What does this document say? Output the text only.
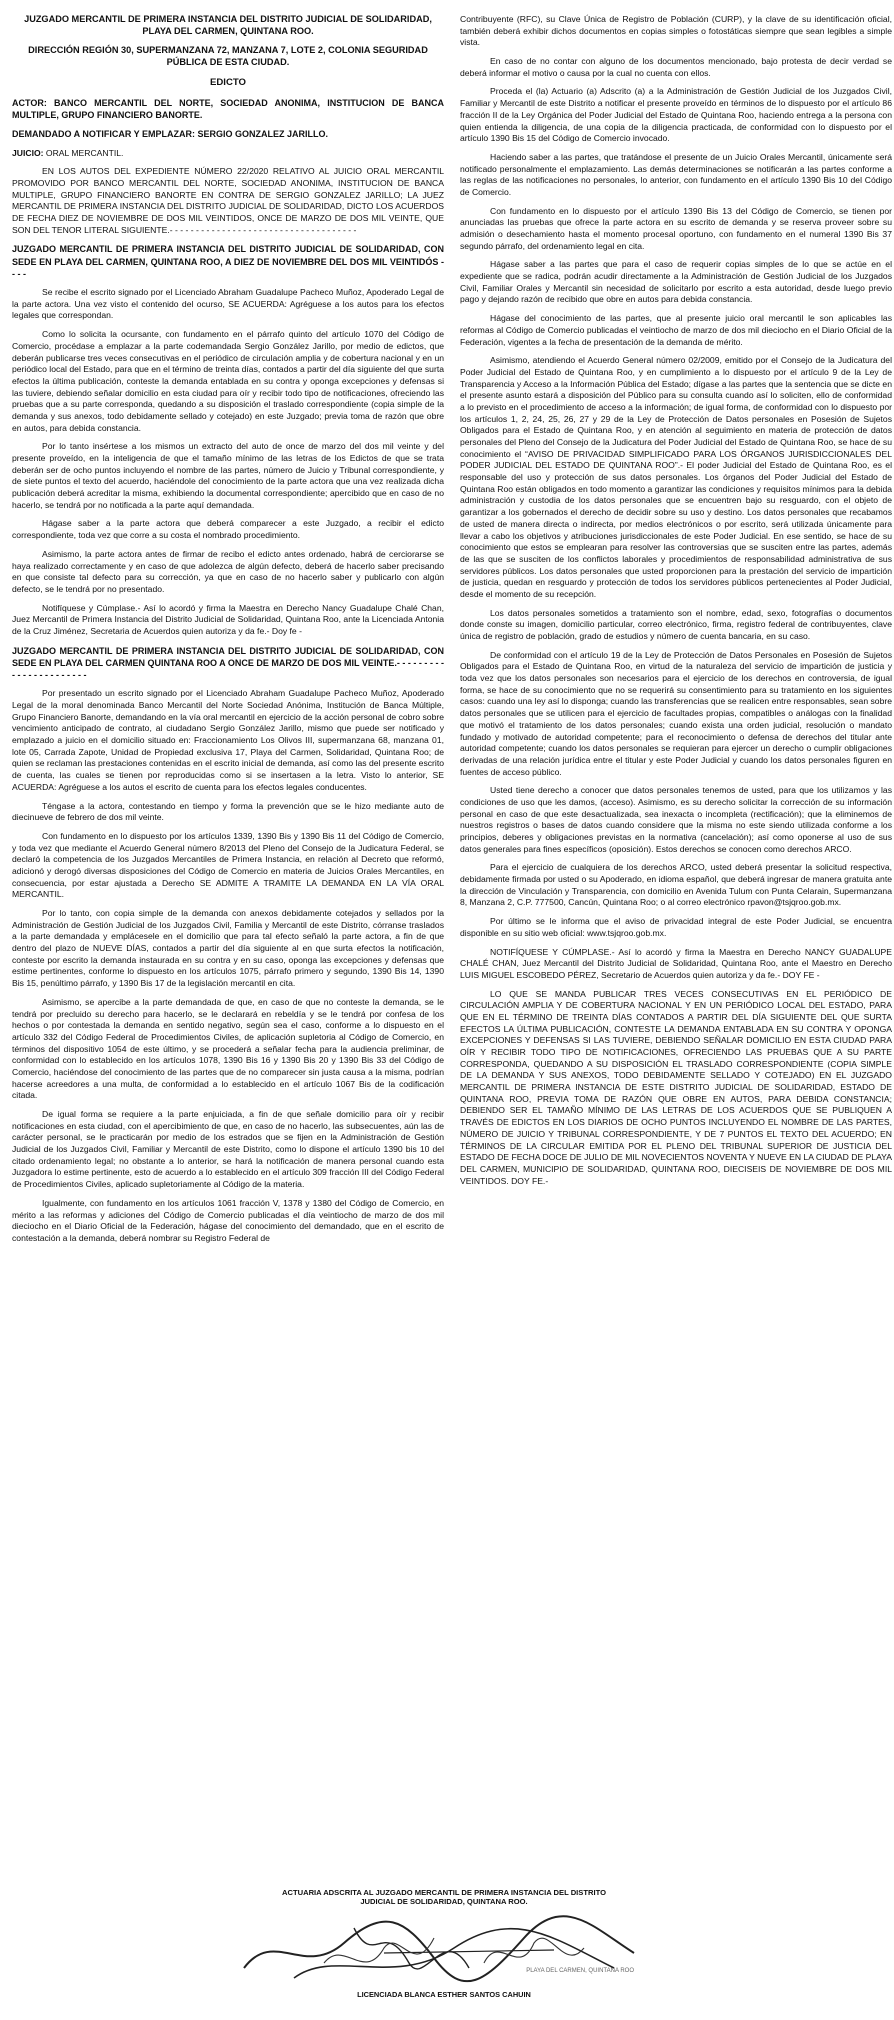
JUZGADO MERCANTIL DE PRIMERA INSTANCIA DEL DISTRITO JUDICIAL DE SOLIDARIDAD, PLAYA DEL CARMEN, QUINTANA ROO.
DIRECCIÓN REGIÓN 30, SUPERMANZANA 72, MANZANA 7, LOTE 2, COLONIA SEGURIDAD PÚBLICA DE ESTA CIUDAD.
EDICTO
ACTOR: BANCO MERCANTIL DEL NORTE, SOCIEDAD ANONIMA, INSTITUCION DE BANCA MULTIPLE, GRUPO FINANCIERO BANORTE.
DEMANDADO A NOTIFICAR Y EMPLAZAR: SERGIO GONZALEZ JARILLO.

JUICIO: ORAL MERCANTIL.

EN LOS AUTOS DEL EXPEDIENTE NÚMERO 22/2020 RELATIVO AL JUICIO ORAL MERCANTIL PROMOVIDO POR BANCO MERCANTIL DEL NORTE, SOCIEDAD ANONIMA, INSTITUCION DE BANCA MULTIPLE, GRUPO FINANCIERO BANORTE EN CONTRA DE SERGIO GONZALEZ JARILLO; LA JUEZ MERCANTIL DE PRIMERA INSTANCIA DEL DISTRITO JUDICIAL DE SOLIDARIDAD, DICTO LOS ACUERDOS DE FECHA DIEZ DE NOVIEMBRE DE DOS MIL VEINTIDOS, ONCE DE MARZO DE DOS MIL VEINTE, QUE SON DEL TENOR LITERAL SIGUIENTE.- - - - - - - - - - - - - - - - - - - - - - - - - - - - - - - - - - - -

JUZGADO MERCANTIL DE PRIMERA INSTANCIA DEL DISTRITO JUDICIAL DE SOLIDARIDAD, CON SEDE EN PLAYA DEL CARMEN, QUINTANA ROO, A DIEZ DE NOVIEMBRE DEL DOS MIL VEINTIDÓS - - - -

Se recibe el escrito signado por el Licenciado Abraham Guadalupe Pacheco Muñoz, Apoderado Legal de la parte actora. Una vez visto el contenido del ocurso, SE ACUERDA: Agréguese a los autos para los efectos legales que correspondan.

Como lo solicita la ocursante, con fundamento en el párrafo quinto del artículo 1070 del Código de Comercio, procédase a emplazar a la parte codemandada Sergio González Jarillo, por medio de edictos, que deberán publicarse tres veces consecutivas en el periódico de circulación amplia y de cobertura nacional y en un periódico local del Estado, para que en el término de treinta días, contados a partir del día siguiente del que surta efectos la última publicación, conteste la demanda entablada en su contra y oponga excepciones y defensas si las tuviere, debiendo señalar domicilio en esta ciudad para oír y recibir todo tipo de notificaciones, ofreciendo las pruebas que a su parte corresponda, quedando a su disposición el traslado correspondiente (copia simple de la demanda y sus anexos, todo debidamente sellado y cotejado) en este Juzgado; previa toma de razón que obre en autos, para debida constancia.

Por lo tanto insértese a los mismos un extracto del auto de once de marzo del dos mil veinte y del presente proveído, en la inteligencia de que el tamaño mínimo de las letras de los Edictos de que se trata deberán ser de ocho puntos incluyendo el nombre de las partes, número de Juicio y Tribunal correspondiente, y de siete puntos el texto del acuerdo, haciéndole del conocimiento de la parte actora que una vez realizada dicha publicación deberá acreditar la misma, exhibiendo la documental correspondiente; apercibido que en caso de no hacerlo, se tendrá por no notificada a la parte aquí demandada.

Hágase saber a la parte actora que deberá comparecer a este Juzgado, a recibir el edicto correspondiente, toda vez que corre a su costa el nombrado procedimiento.

Asimismo, la parte actora antes de firmar de recibo el edicto antes ordenado, habrá de cerciorarse se haya realizado correctamente y en caso de que adolezca de algún defecto, deberá de hacerlo saber precisando en que consiste tal defecto para su corrección, ya que en caso de no hacerlo saber y publicarlo con algún defecto, se le tendrá por no presentado.

Notifíquese y Cúmplase.- Así lo acordó y firma la Maestra en Derecho Nancy Guadalupe Chalé Chan, Juez Mercantil de Primera Instancia del Distrito Judicial de Solidaridad, Quintana Roo, ante la Licenciada Antonia de la Cruz Jiménez, Secretaria de Acuerdos quien autoriza y da fe.- Doy fe -

JUZGADO MERCANTIL DE PRIMERA INSTANCIA DEL DISTRITO JUDICIAL DE SOLIDARIDAD, CON SEDE EN PLAYA DEL CARMEN QUINTANA ROO A ONCE DE MARZO DE DOS MIL VEINTE.- - - - - - - - - - - - - - - - - - - - - - -

Por presentado un escrito signado por el Licenciado Abraham Guadalupe Pacheco Muñoz, Apoderado Legal de la moral denominada Banco Mercantil del Norte Sociedad Anónima, Institución de Banca Múltiple, Grupo Financiero Banorte, demandando en la vía oral mercantil en ejercicio de la acción personal de cobro sobre vencimiento anticipado de contrato, al ciudadano Sergio González Jarillo, mismo que puede ser notificado y emplazado a juicio en el domicilio situado en: Fraccionamiento Los Olivos III, supermanzana 68, manzana 01, lote 05, Carrada Zapote, Unidad de Propiedad exclusiva 17, Playa del Carmen, Solidaridad, Quintana Roo; de quien se reclaman las prestaciones contenidas en el escrito inicial de demanda, así como las del presente escrito de cuenta, las cuales se tienen por reproducidas como si se insertasen a la letra. Visto lo anterior, SE ACUERDA: Agréguese a los autos el escrito de cuenta para los efectos legales conducentes.

Téngase a la actora, contestando en tiempo y forma la prevención que se le hizo mediante auto de diecinueve de febrero de dos mil veinte.

Con fundamento en lo dispuesto por los artículos 1339, 1390 Bis y 1390 Bis 11 del Código de Comercio, y toda vez que mediante el Acuerdo General número 8/2013 del Pleno del Consejo de la Judicatura Federal, se declaró la competencia de los Juzgados Mercantiles de Primera Instancia, en relación al Decreto que reformó, adicionó y derogó diversas disposiciones del Código de Comercio en materia de Juicios Orales Mercantiles, en consecuencia, por estar ajustada a Derecho SE ADMITE A TRAMITE LA DEMANDA EN LA VÍA ORAL MERCANTIL.

Por lo tanto, con copia simple de la demanda con anexos debidamente cotejados y sellados por la Administración de Gestión Judicial de los Juzgados Civil, Familia y Mercantil de este Distrito, córranse traslados a la parte demandada y emplácesele en el domicilio que para tal efecto señaló la parte actora, a fin de que dentro del plazo de NUEVE DÍAS, contados a partir del día siguiente al en que surta efectos la notificación, conteste por escrito la demanda instaurada en su contra y en su caso, oponga las excepciones y defensas que estime pertinentes, conforme lo dispuesto en los artículos 1075, párrafo primero y segundo, 1390 Bis 14, 1390 Bis 15, penúltimo párrafo, y 1390 Bis 17 de la legislación mercantil en cita.

Asimismo, se apercibe a la parte demandada de que, en caso de que no conteste la demanda, se le tendrá por precluido su derecho para hacerlo, se le declarará en rebeldía y se le tendrá por confesa de los hechos o por contestada la demanda en sentido negativo, según sea el caso, conforme a lo dispuesto en el artículo 332 del Código Federal de Procedimientos Civiles, de aplicación supletoria al Código de Comercio, en términos del dispositivo 1054 de este último, y se procederá a señalar fecha para la audiencia preliminar, de conformidad con lo establecido en los artículos 1078, 1390 Bis 16 y 1390 Bis 20 y 1390 Bis 33 del Código de Comercio, haciéndose del conocimiento de las partes que de no comparecer sin justa causa a la misma, podrían hacerse acreedores a una multa, de conformidad a lo establecido en el artículo 1067 Bis de la codificación citada.

De igual forma se requiere a la parte enjuiciada, a fin de que señale domicilio para oír y recibir notificaciones en esta ciudad, con el apercibimiento de que, en caso de no hacerlo, las subsecuentes, aún las de carácter personal, se le practicarán por medio de los estrados que se fijen en la Administración de Gestión Judicial de los Juzgados Civil, Familiar y Mercantil de este Distrito, como lo dispone el artículo 1390 bis 10 del citado ordenamiento legal; no obstante a lo anterior, se hará la notificación de manera personal cuando esta Juzgadora lo estime pertinente, esto de acuerdo a lo establecido en el artículo 309 fracción III del Código Federal de Procedimientos Civiles, aplicado supletoriamente al Código de la materia.

Igualmente, con fundamento en los artículos 1061 fracción V, 1378 y 1380 del Código de Comercio, en mérito a las reformas y adiciones del Código de Comercio publicadas el día veintiocho de marzo de dos mil dieciocho en el Diario Oficial de la Federación, hágase del conocimiento del demandado, que en el escrito de contestación a la demanda, deberá nombrar su Registro Federal de

Contribuyente (RFC), su Clave Única de Registro de Población (CURP), y la clave de su identificación oficial, también deberá exhibir dichos documentos en copias simples o fotostáticas siempre que sean legibles a simple vista.

En caso de no contar con alguno de los documentos mencionado, bajo protesta de decir verdad se deberá informar el motivo o causa por la cual no cuenta con ellos.

Proceda el (la) Actuario (a) Adscrito (a) a la Administración de Gestión Judicial de los Juzgados Civil, Familiar y Mercantil de este Distrito a notificar el presente proveído en términos de lo dispuesto por el artículo 86 fracción II de la Ley Orgánica del Poder Judicial del Estado de Quintana Roo, haciendo entrega a la persona con quien entienda la diligencia, de una copia de la diligencia practicada, de conformidad con lo dispuesto por el artículo 1390 Bis 15 del Código de Comercio invocado.

Haciendo saber a las partes, que tratándose el presente de un Juicio Orales Mercantil, únicamente será notificado personalmente el emplazamiento. Las demás determinaciones se notificarán a las partes conforme a las reglas de las notificaciones no personales, lo anterior, con fundamento en el artículo 1390 Bis 10 del Código de Comercio.

Con fundamento en lo dispuesto por el artículo 1390 Bis 13 del Código de Comercio, se tienen por anunciadas las pruebas que ofrece la parte actora en su escrito de demanda y se reserva proveer sobre su admisión o desechamiento hasta el momento procesal oportuno, con fundamento en el numeral 1390 Bis 37 segundo párrafo, del ordenamiento legal en cita.

Hágase saber a las partes que para el caso de requerir copias simples de lo que se actúe en el expediente que se radica, podrán acudir directamente a la Administración de Gestión Judicial de los Juzgados Civil, Familiar Orales y Mercantil sin necesidad de solicitarlo por escrito a esta autoridad, desde luego previo pago y dejando razón de recibido que obre en autos para debida constancia.

Hágase del conocimiento de las partes, que al presente juicio oral mercantil le son aplicables las reformas al Código de Comercio publicadas el veintiocho de marzo de dos mil dieciocho en el Diario Oficial de la Federación, vigentes a la fecha de presentación de la demanda de mérito.

Asimismo, atendiendo el Acuerdo General número 02/2009, emitido por el Consejo de la Judicatura del Poder Judicial del Estado de Quintana Roo, y en cumplimiento a lo dispuesto por el artículo 9 de la Ley de Transparencia y Acceso a la Información Pública del Estado; dígase a las partes que la sentencia que se dicte en el presente asunto estará a disposición del Público para su consulta cuando así lo soliciten, ello de conformidad a lo previsto en el procedimiento de acceso a la información; de igual forma, de conformidad con lo dispuesto por los artículos 1, 2, 24, 25, 26, 27 y 29 de la Ley de Protección de Datos personales en Posesión de Sujetos Obligados para el Estado de Quintana Roo, y en atención al seguimiento en materia de protección de datos personales del Pleno del Consejo de la Judicatura del Poder Judicial del Estado de Quintana Roo, se hace de su conocimiento el “AVISO DE PRIVACIDAD SIMPLIFICADO PARA LOS ÓRGANOS JURISDICCIONALES DEL PODER JUDICIAL DEL ESTADO DE QUINTANA ROO”.- El poder Judicial del Estado de Quintana Roo, es el responsable del uso y protección de sus datos personales. Los órganos del Poder Judicial del Estado de Quintana Roo están obligados en todo momento a garantizar las condiciones y requisitos mínimos para la debida administración y custodia de los datos personales que se encuentren bajo su resguardo, con el objeto de garantizar a los gobernados el derecho de decidir sobre su uso y destino. Los datos personales que recabamos de usted de manera directa o indirecta, por medios electrónicos o por escrito, será utilizada únicamente para llevar a cabo los objetivos y atribuciones jurisdiccionales de este Poder Judicial. En ese sentido, se hace de su conocimiento que estos se emplearan para resolver las controversias que se susciten entre las partes, además de las que se susciten de los conflictos laborales y procedimientos de responsabilidad administrativa de sus servidores públicos. Los datos personales que usted proporcionen para la prestación del servicio de impartición de justicia, quedan en resguardo y protección de todos los servidores públicos pertenecientes al Poder Judicial, desde el momento de su recepción.

Los datos personales sometidos a tratamiento son el nombre, edad, sexo, fotografías o documentos donde conste su imagen, domicilio particular, correo electrónico, firma, registro federal de contribuyentes, clave única de registro de población, grado de estudios y número de cuenta bancaria, en su caso.

De conformidad con el artículo 19 de la Ley de Protección de Datos Personales en Posesión de Sujetos Obligados para el Estado de Quintana Roo, en virtud de la naturaleza del servicio de impartición de justicia y toda vez que los datos personales son necesarios para el ejercicio de los derechos en controversia, de igual forma, se hace de su conocimiento que no se requerirá su consentimiento para su tratamiento en los siguientes casos: cuando una ley así lo disponga; cuando las transferencias que se realicen entre responsables, sean sobre datos personales que se utilicen para el ejercicio de facultades propias, compatibles o análogas con la finalidad que motivó el tratamiento de los datos personales; cuando exista una orden judicial, resolución o mandato fundado y motivado de autoridad competente; para el reconocimiento o defensa de derechos del titular ante autoridad competente; cuando los datos personales se requieran para ejercer un derecho o cumplir obligaciones derivadas de una relación jurídica entre el titular y este Poder Judicial y cuando los datos personales figuren en fuentes de acceso público.

Usted tiene derecho a conocer que datos personales tenemos de usted, para que los utilizamos y las condiciones de uso que les damos, (acceso). Asimismo, es su derecho solicitar la corrección de su información personal en caso de que este desactualizada, sea inexacta o incompleta (rectificación); que la eliminemos de nuestros registros o bases de datos cuando considere que la misma no este siendo utilizada conforme a los principios, deberes y obligaciones previstas en la normativa (cancelación); así como oponerse al uso de sus datos generales para fines específicos (oposición). Estos derechos se conocen como derechos ARCO.

Para el ejercicio de cualquiera de los derechos ARCO, usted deberá presentar la solicitud respectiva, debidamente firmada por usted o su Apoderado, en idioma español, que deberá ingresar de manera gratuita ante la dirección de Vinculación y Transparencia, con domicilio en Avenida Tulum con Punta Celarain, Supermanzana 8, Manzana 2, C.P. 777500, Cancún, Quintana Roo; o al correo electrónico rpavon@tsjqroo.gob.mx.

Por último se le informa que el aviso de privacidad integral de este Poder Judicial, se encuentra disponible en su sitio web oficial: www.tsjqroo.gob.mx.

NOTIFÍQUESE Y CÚMPLASE.- Así lo acordó y firma la Maestra en Derecho NANCY GUADALUPE CHALÉ CHAN, Juez Mercantil del Distrito Judicial de Solidaridad, Quintana Roo, ante el Maestro en Derecho LUIS MIGUEL ESCOBEDO PÉREZ, Secretario de Acuerdos quien autoriza y da fe.- DOY FE -

LO QUE SE MANDA PUBLICAR TRES VECES CONSECUTIVAS EN EL PERIÓDICO DE CIRCULACIÓN AMPLIA Y DE COBERTURA NACIONAL Y EN UN PERIÓDICO LOCAL DEL ESTADO, PARA QUE EN EL TÉRMINO DE TREINTA DÍAS CONTADOS A PARTIR DEL DÍA SIGUIENTE DEL QUE SURTA EFECTOS LA ÚLTIMA PUBLICACIÓN, CONTESTE LA DEMANDA ENTABLADA EN SU CONTRA Y OPONGA EXCEPCIONES Y DEFENSAS SI LAS TUVIERE, DEBIENDO SEÑALAR DOMICILIO EN ESTA CIUDAD PARA OÍR Y RECIBIR TODO TIPO DE NOTIFICACIONES, OFRECIENDO LAS PRUEBAS QUE A SU PARTE CORRESPONDA, QUEDANDO A SU DISPOSICIÓN EL TRASLADO CORRESPONDIENTE (COPIA SIMPLE DE LA DEMANDA Y SUS ANEXOS, TODO DEBIDAMENTE SELLADO Y COTEJADO) EN EL JUZGADO MERCANTIL DE PRIMERA INSTANCIA DE ESTE DISTRITO JUDICIAL DE SOLIDARIDAD, ESTADO DE QUINTANA ROO, PREVIA TOMA DE RAZÓN QUE OBRE EN AUTOS, PARA DEBIDA CONSTANCIA; DEBIENDO SER EL TAMAÑO MÍNIMO DE LAS LETRAS DE LOS ACUERDOS QUE SE PUBLIQUEN A TRAVÉS DE EDICTOS EN LOS DIARIOS DE OCHO PUNTOS INCLUYENDO EL NOMBRE DE LAS PARTES, NÚMERO DE JUICIO Y TRIBUNAL CORRESPONDIENTE, Y DE 7 PUNTOS EL TEXTO DEL ACUERDO; EN TÉRMINOS DE LA CIRCULAR EMITIDA POR EL PLENO DEL TRIBUNAL SUPERIOR DE JUSTICIA DEL ESTADO DE FECHA DOCE DE JULIO DE MIL NOVECIENTOS NOVENTA Y NUEVE EN LA CIUDAD DE PLAYA DEL CARMEN, MUNICIPIO DE SOLIDARIDAD, QUINTANA ROO, DIECISEIS DE NOVIEMBRE DE DOS MIL VEINTIDOS. DOY FE.-

ACTUARIA ADSCRITA AL JUZGADO MERCANTIL DE PRIMERA INSTANCIA DEL DISTRITO
JUDICIAL DE SOLIDARIDAD, QUINTANA ROO.
PLAYA DEL CARMEN, QUINTANA ROO
LICENCIADA BLANCA ESTHER SANTOS CAHUIN
